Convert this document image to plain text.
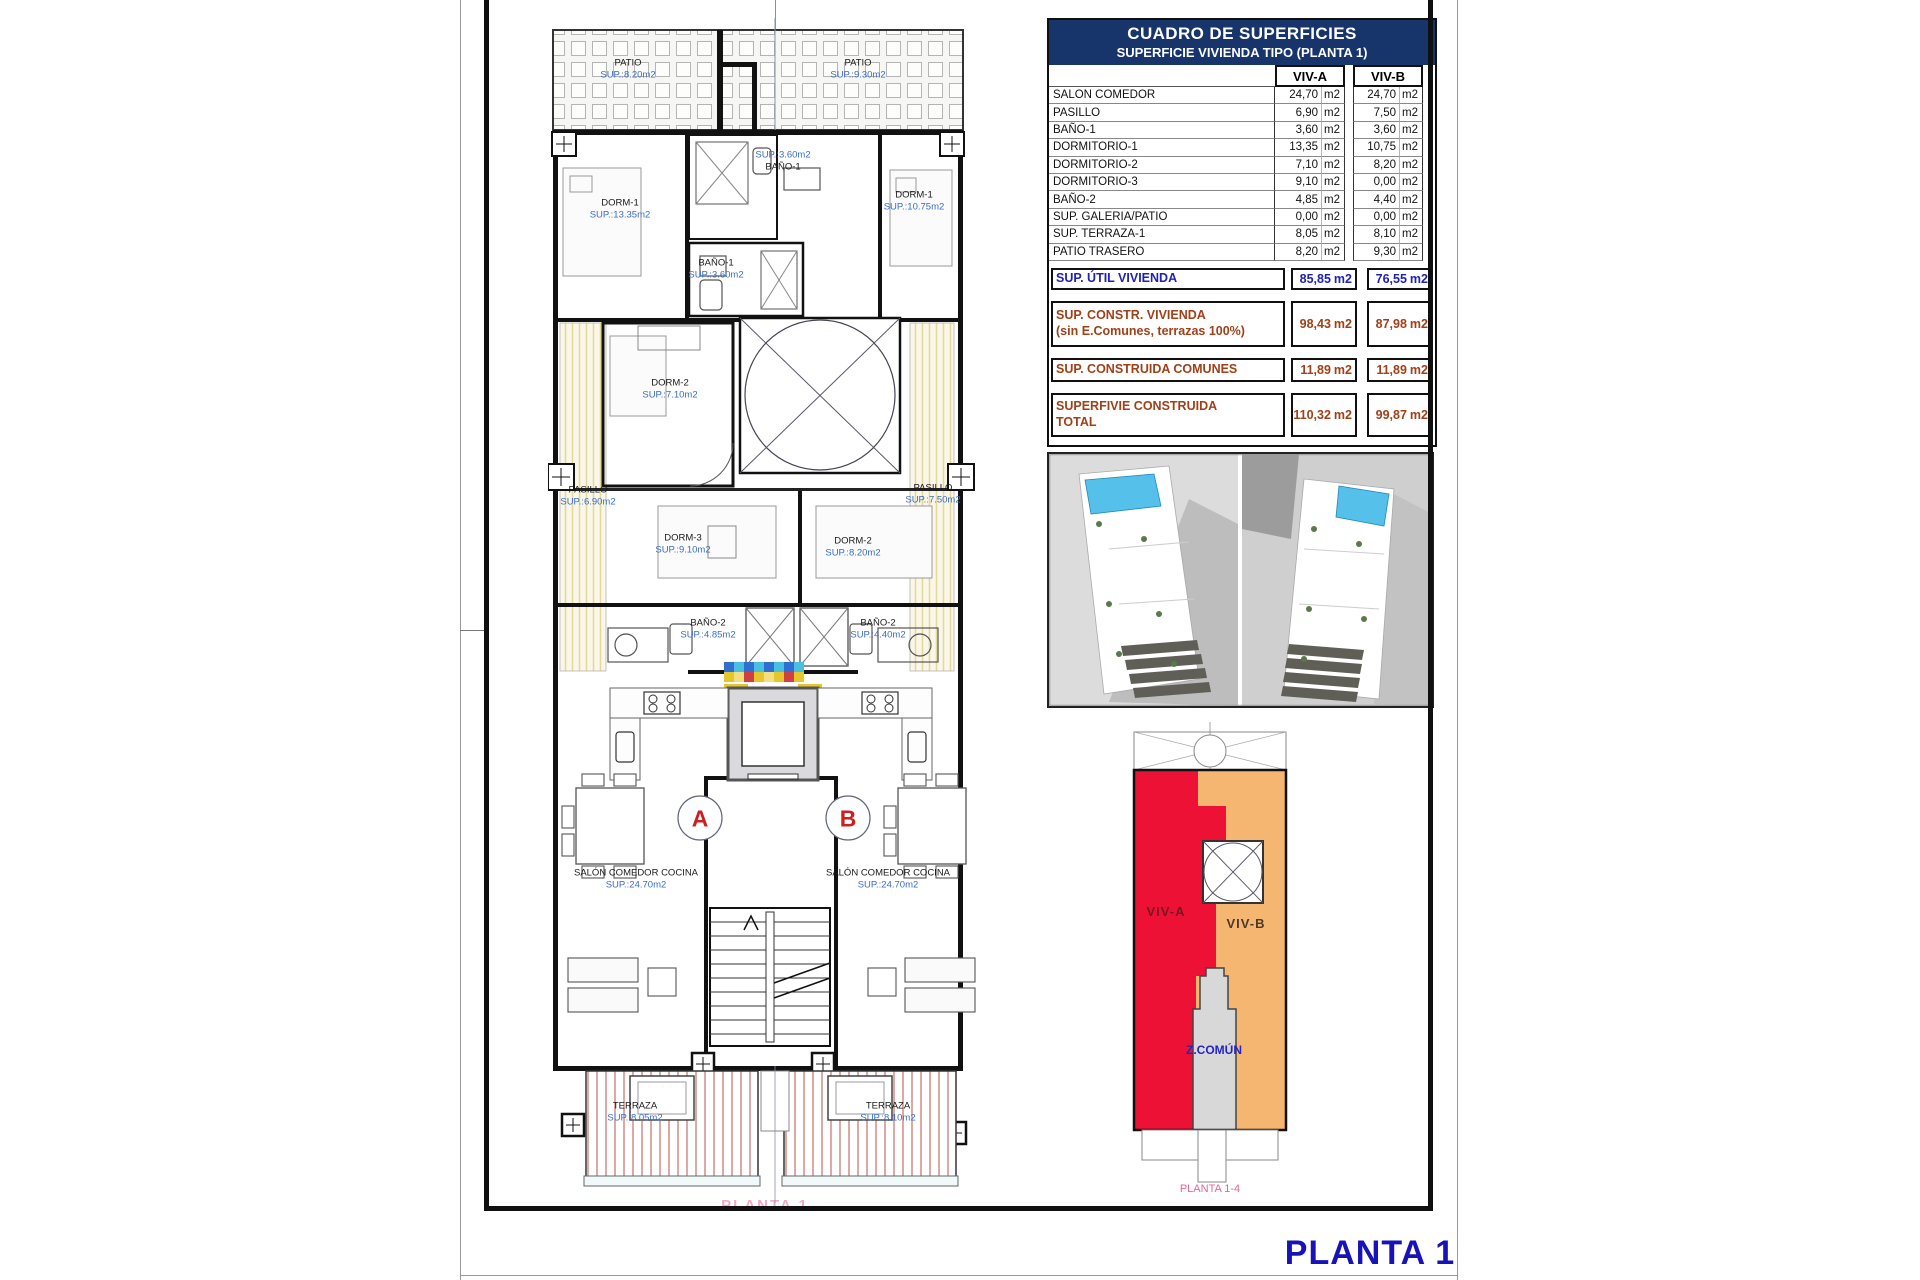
PATIO
SUP.:8.20m2
PATIO
SUP.:9.30m2
BAÑO-1
SUP.:3.60m2
DORM-1
SUP.:13.35m2
DORM-1
SUP.:10.75m2
BAÑO-1
SUP.:3.60m2
DORM-2
SUP.:7.10m2
PASILLO
SUP.:6.90m2
PASILLO
SUP.:7.50m2
DORM-3
SUP.:9.10m2
DORM-2
SUP.:8.20m2
BAÑO-2
SUP.:4.85m2
BAÑO-2
SUP.:4.40m2
SALÓN COMEDOR COCINA
SUP.:24.70m2
SALÓN COMEDOR COCINA
SUP.:24.70m2
TERRAZA
SUP.:8.05m2
TERRAZA
SUP.:8.10m2
A	B
PLANTA 1
CUADRO DE SUPERFICIES
SUPERFICIE VIVIENDA TIPO (PLANTA 1)
VIV-A	VIV-B
SALON COMEDOR	24,70 m2	24,70 m2
PASILLO	6,90 m2	7,50 m2
BAÑO-1	3,60 m2	3,60 m2
DORMITORIO-1	13,35 m2	10,75 m2
DORMITORIO-2	7,10 m2	8,20 m2
DORMITORIO-3	9,10 m2	0,00 m2
BAÑO-2	4,85 m2	4,40 m2
SUP. GALERIA/PATIO	0,00 m2	0,00 m2
SUP. TERRAZA-1	8,05 m2	8,10 m2
PATIO TRASERO	8,20 m2	9,30 m2
SUP. ÚTIL VIVIENDA	85,85 m2 76,55 m2
SUP. CONSTR. VIVIENDA
(sin E.Comunes, terrazas 100%)	98,43 m2 87,98 m2
SUP. CONSTRUIDA COMUNES	11,89 m2 11,89 m2
SUPERFIVIE CONSTRUIDA
TOTAL	110,32 m2 99,87 m2
VIV-A
VIV-B
Z.COMÚN
PLANTA 1-4
PLANTA 1
